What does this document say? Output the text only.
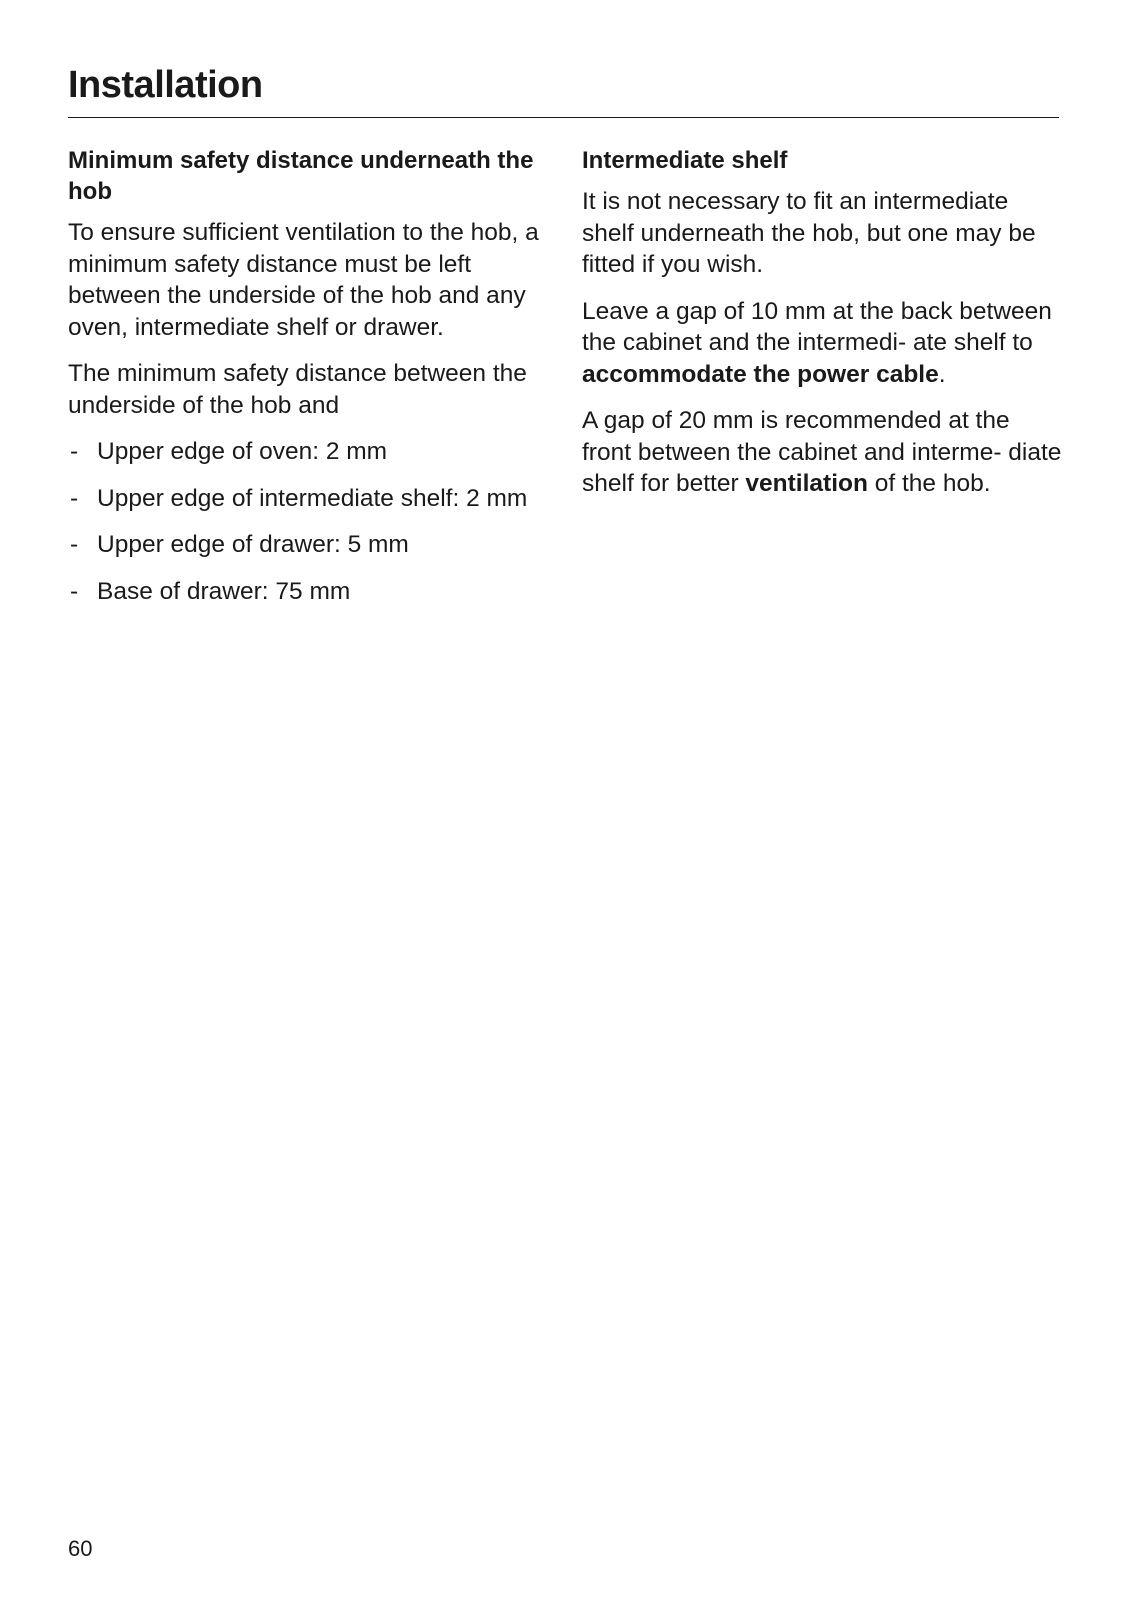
Installation
Minimum safety distance underneath the hob

To ensure sufficient ventilation to the hob, a minimum safety distance must be left between the underside of the hob and any oven, intermediate shelf or drawer.

The minimum safety distance between the underside of the hob and

- Upper edge of oven: 2 mm
- Upper edge of intermediate shelf: 2 mm
- Upper edge of drawer: 5 mm
- Base of drawer: 75 mm
Intermediate shelf

It is not necessary to fit an intermediate shelf underneath the hob, but one may be fitted if you wish.

Leave a gap of 10 mm at the back between the cabinet and the intermedi- ate shelf to accommodate the power cable.

A gap of 20 mm is recommended at the front between the cabinet and interme- diate shelf for better ventilation of the hob.

60
